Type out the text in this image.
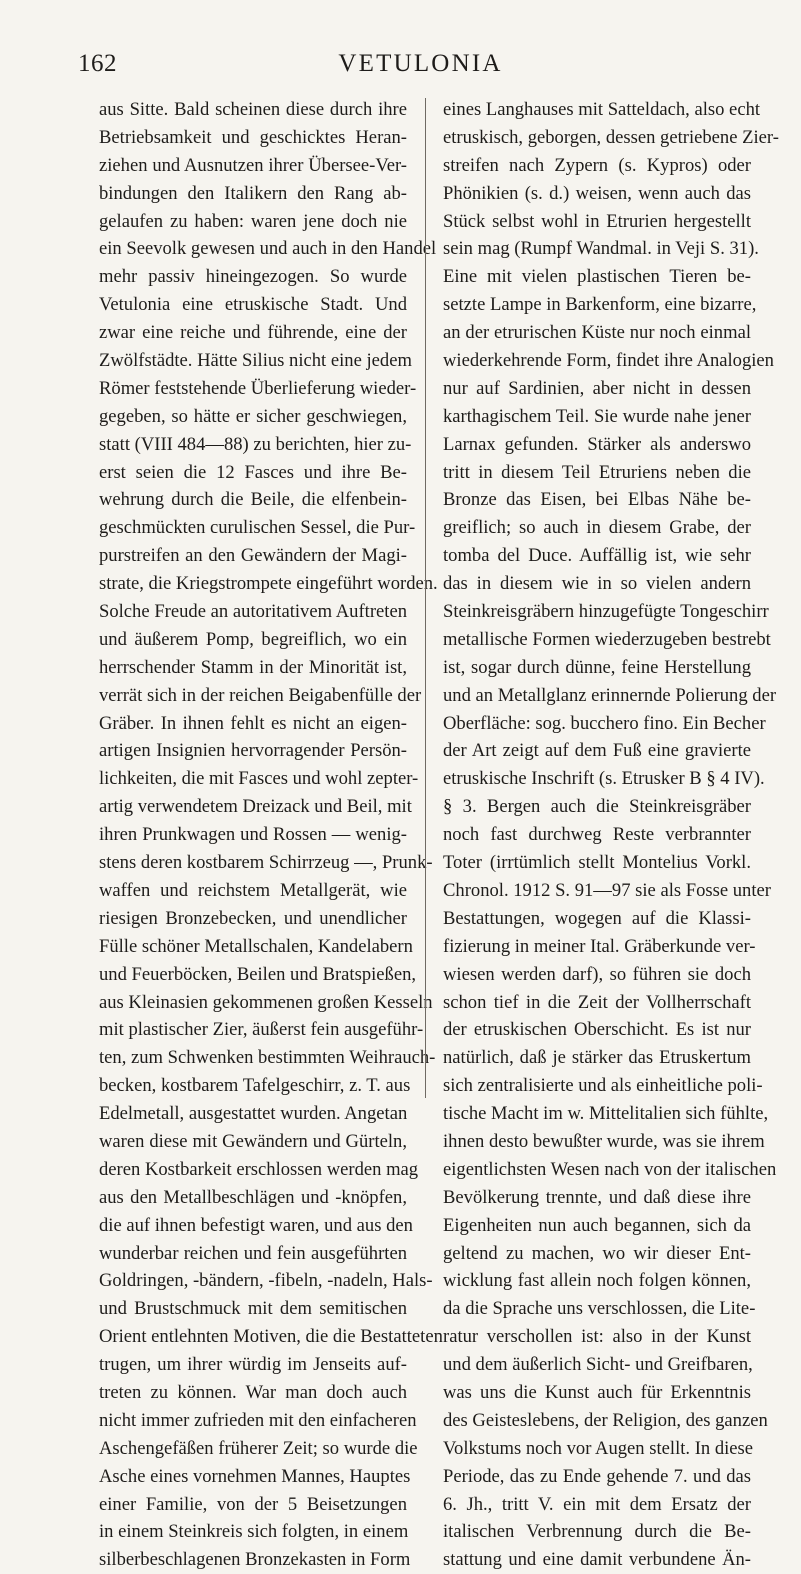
162	VETULONIA
aus Sitte. Bald scheinen diese durch ihre
Betriebsamkeit und geschicktes Heran-
ziehen und Ausnutzen ihrer Übersee-Ver-
bindungen den Italikern den Rang ab-
gelaufen zu haben: waren jene doch nie
ein Seevolk gewesen und auch in den Handel
mehr passiv hineingezogen. So wurde
Vetulonia eine etruskische Stadt. Und
zwar eine reiche und führende, eine der
Zwölfstädte. Hätte Silius nicht eine jedem
Römer feststehende Überlieferung wieder-
gegeben, so hätte er sicher geschwiegen,
statt (VIII 484—88) zu berichten, hier zu-
erst seien die 12 Fasces und ihre Be-
wehrung durch die Beile, die elfenbein-
geschmückten curulischen Sessel, die Pur-
purstreifen an den Gewändern der Magi-
strate, die Kriegstrompete eingeführt worden.
Solche Freude an autoritativem Auftreten
und äußerem Pomp, begreiflich, wo ein
herrschender Stamm in der Minorität ist,
verrät sich in der reichen Beigabenfülle der
Gräber. In ihnen fehlt es nicht an eigen-
artigen Insignien hervorragender Persön-
lichkeiten, die mit Fasces und wohl zepter-
artig verwendetem Dreizack und Beil, mit
ihren Prunkwagen und Rossen — wenig-
stens deren kostbarem Schirrzeug —, Prunk-
waffen und reichstem Metallgerät, wie
riesigen Bronzebecken, und unendlicher
Fülle schöner Metallschalen, Kandelabern
und Feuerböcken, Beilen und Bratspießen,
aus Kleinasien gekommenen großen Kesseln
mit plastischer Zier, äußerst fein ausgeführ-
ten, zum Schwenken bestimmten Weihrauch-
becken, kostbarem Tafelgeschirr, z. T. aus
Edelmetall, ausgestattet wurden. Angetan
waren diese mit Gewändern und Gürteln,
deren Kostbarkeit erschlossen werden mag
aus den Metallbeschlägen und -knöpfen,
die auf ihnen befestigt waren, und aus den
wunderbar reichen und fein ausgeführten
Goldringen, -bändern, -fibeln, -nadeln, Hals-
und Brustschmuck mit dem semitischen
Orient entlehnten Motiven, die die Bestatteten
trugen, um ihrer würdig im Jenseits auf-
treten zu können. War man doch auch
nicht immer zufrieden mit den einfacheren
Aschengefäßen früherer Zeit; so wurde die
Asche eines vornehmen Mannes, Hauptes
einer Familie, von der 5 Beisetzungen
in einem Steinkreis sich folgten, in einem
silberbeschlagenen Bronzekasten in Form
eines Langhauses mit Satteldach, also echt
etruskisch, geborgen, dessen getriebene Zier-
streifen nach Zypern (s. Kypros) oder
Phönikien (s. d.) weisen, wenn auch das
Stück selbst wohl in Etrurien hergestellt
sein mag (Rumpf Wandmal. in Veji S. 31).
Eine mit vielen plastischen Tieren be-
setzte Lampe in Barkenform, eine bizarre,
an der etrurischen Küste nur noch einmal
wiederkehrende Form, findet ihre Analogien
nur auf Sardinien, aber nicht in dessen
karthagischem Teil. Sie wurde nahe jener
Larnax gefunden. Stärker als anderswo
tritt in diesem Teil Etruriens neben die
Bronze das Eisen, bei Elbas Nähe be-
greiflich; so auch in diesem Grabe, der
tomba del Duce. Auffällig ist, wie sehr
das in diesem wie in so vielen andern
Steinkreisgräbern hinzugefügte Tongeschirr
metallische Formen wiederzugeben bestrebt
ist, sogar durch dünne, feine Herstellung
und an Metallglanz erinnernde Polierung der
Oberfläche: sog. bucchero fino. Ein Becher
der Art zeigt auf dem Fuß eine gravierte
etruskische Inschrift (s. Etrusker B § 4 IV).
§ 3. Bergen auch die Steinkreisgräber
noch fast durchweg Reste verbrannter
Toter (irrtümlich stellt Montelius Vorkl.
Chronol. 1912 S. 91—97 sie als Fosse unter
Bestattungen, wogegen auf die Klassi-
fizierung in meiner Ital. Gräberkunde ver-
wiesen werden darf), so führen sie doch
schon tief in die Zeit der Vollherrschaft
der etruskischen Oberschicht. Es ist nur
natürlich, daß je stärker das Etruskertum
sich zentralisierte und als einheitliche poli-
tische Macht im w. Mittelitalien sich fühlte,
ihnen desto bewußter wurde, was sie ihrem
eigentlichsten Wesen nach von der italischen
Bevölkerung trennte, und daß diese ihre
Eigenheiten nun auch begannen, sich da
geltend zu machen, wo wir dieser Ent-
wicklung fast allein noch folgen können,
da die Sprache uns verschlossen, die Lite-
ratur verschollen ist: also in der Kunst
und dem äußerlich Sicht- und Greifbaren,
was uns die Kunst auch für Erkenntnis
des Geisteslebens, der Religion, des ganzen
Volkstums noch vor Augen stellt. In diese
Periode, das zu Ende gehende 7. und das
6. Jh., tritt V. ein mit dem Ersatz der
italischen Verbrennung durch die Be-
stattung und eine damit verbundene Än-
